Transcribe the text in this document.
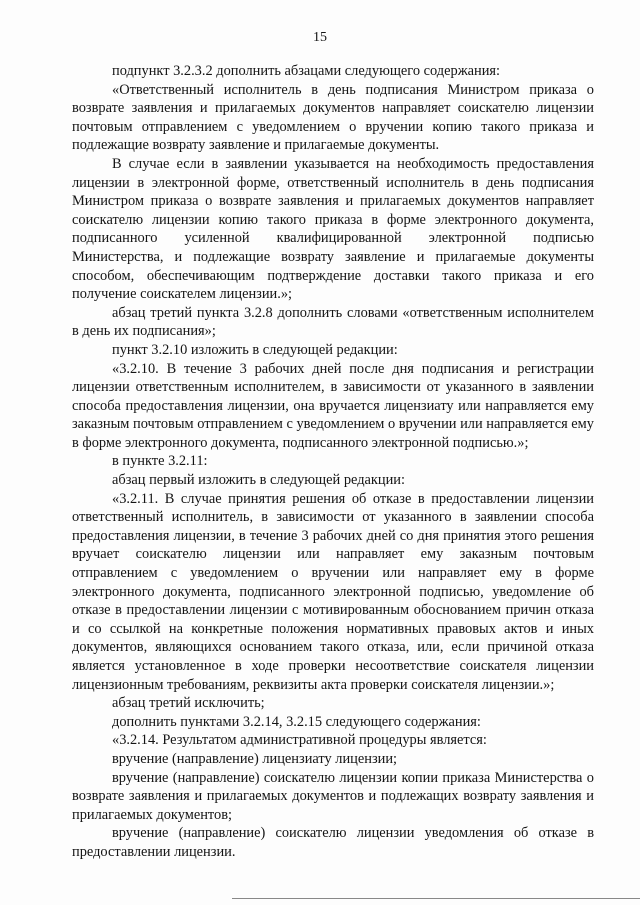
15

подпункт 3.2.3.2 дополнить абзацами следующего содержания:

«Ответственный исполнитель в день подписания Министром приказа о возврате заявления и прилагаемых документов направляет соискателю лицензии почтовым отправлением с уведомлением о вручении копию такого приказа и подлежащие возврату заявление и прилагаемые документы.

В случае если в заявлении указывается на необходимость предоставления лицензии в электронной форме, ответственный исполнитель в день подписания Министром приказа о возврате заявления и прилагаемых документов направляет соискателю лицензии копию такого приказа в форме электронного документа, подписанного усиленной квалифицированной электронной подписью Министерства, и подлежащие возврату заявление и прилагаемые документы способом, обеспечивающим подтверждение доставки такого приказа и его получение соискателем лицензии.»;

абзац третий пункта 3.2.8 дополнить словами «ответственным исполнителем в день их подписания»;

пункт 3.2.10 изложить в следующей редакции:

«3.2.10. В течение 3 рабочих дней после дня подписания и регистрации лицензии ответственным исполнителем, в зависимости от указанного в заявлении способа предоставления лицензии, она вручается лицензиату или направляется ему заказным почтовым отправлением с уведомлением о вручении или направляется ему в форме электронного документа, подписанного электронной подписью.»;

в пункте 3.2.11:

абзац первый изложить в следующей редакции:

«3.2.11. В случае принятия решения об отказе в предоставлении лицензии ответственный исполнитель, в зависимости от указанного в заявлении способа предоставления лицензии, в течение 3 рабочих дней со дня принятия этого решения вручает соискателю лицензии или направляет ему заказным почтовым отправлением с уведомлением о вручении или направляет ему в форме электронного документа, подписанного электронной подписью, уведомление об отказе в предоставлении лицензии с мотивированным обоснованием причин отказа и со ссылкой на конкретные положения нормативных правовых актов и иных документов, являющихся основанием такого отказа, или, если причиной отказа является установленное в ходе проверки несоответствие соискателя лицензии лицензионным требованиям, реквизиты акта проверки соискателя лицензии.»;

абзац третий исключить;

дополнить пунктами 3.2.14, 3.2.15 следующего содержания:

«3.2.14. Результатом административной процедуры является:

вручение (направление) лицензиату лицензии;

вручение (направление) соискателю лицензии копии приказа Министерства о возврате заявления и прилагаемых документов и подлежащих возврату заявления и прилагаемых документов;

вручение (направление) соискателю лицензии уведомления об отказе в предоставлении лицензии.
